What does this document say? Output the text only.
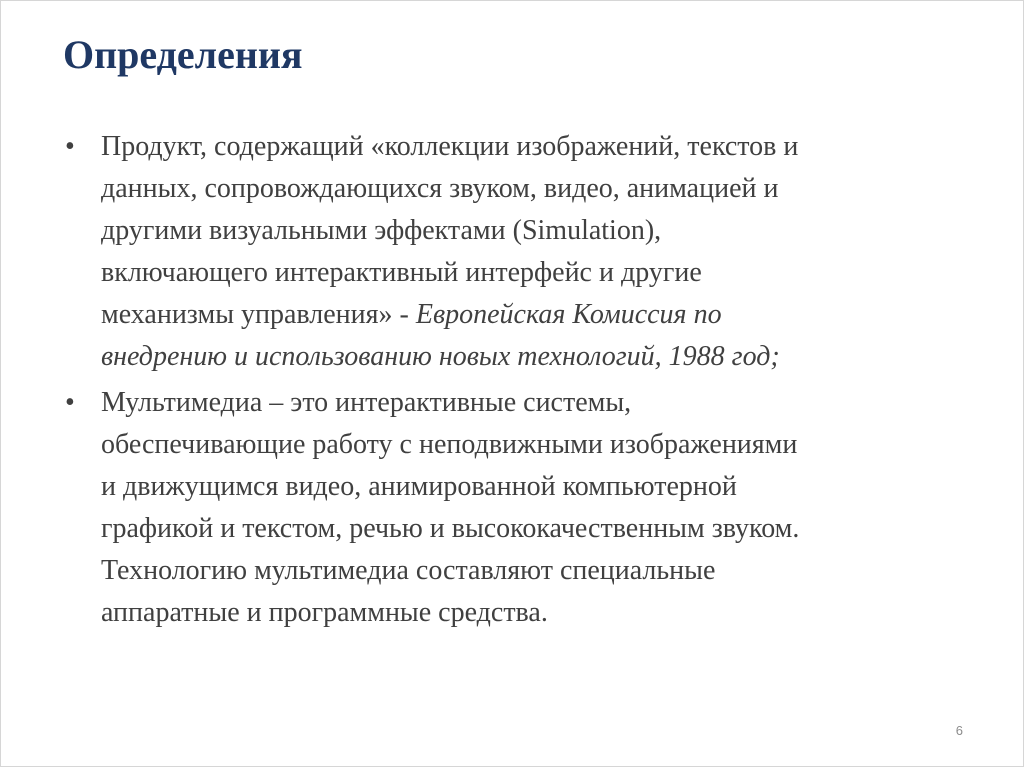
Определения
• Продукт, содержащий «коллекции изображений, текстов и
данных, сопровождающихся звуком, видео, анимацией и
другими визуальными эффектами (Simulation),
включающего интерактивный интерфейс и другие
механизмы управления» - Европейская Комиссия по
внедрению и использованию новых технологий, 1988 год;
• Мультимедиа – это интерактивные системы,
обеспечивающие работу с неподвижными изображениями
и движущимся видео, анимированной компьютерной
графикой и текстом, речью и высококачественным звуком.
Технологию мультимедиа составляют специальные
аппаратные и программные средства.
6
